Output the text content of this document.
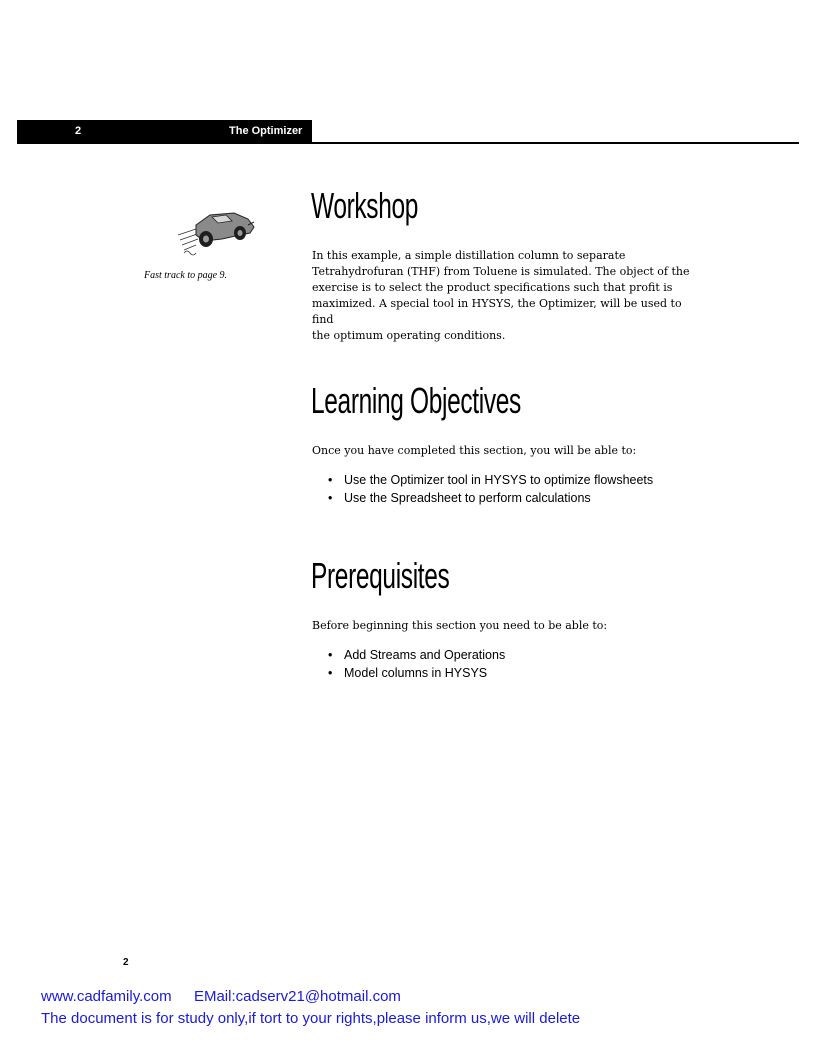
2	The Optimizer
Fast track to page 9.
Workshop
In this example, a simple distillation column to separate
Tetrahydrofuran (THF) from Toluene is simulated. The object of the
exercise is to select the product specifications such that profit is
maximized. A special tool in HYSYS, the Optimizer, will be used to find
the optimum operating conditions.
Learning Objectives
Once you have completed this section, you will be able to:
• Use the Optimizer tool in HYSYS to optimize flowsheets
• Use the Spreadsheet to perform calculations
Prerequisites
Before beginning this section you need to be able to:
• Add Streams and Operations
• Model columns in HYSYS
2
www.cadfamily.com EMail:cadserv21@hotmail.com
The document is for study only,if tort to your rights,please inform us,we will delete
